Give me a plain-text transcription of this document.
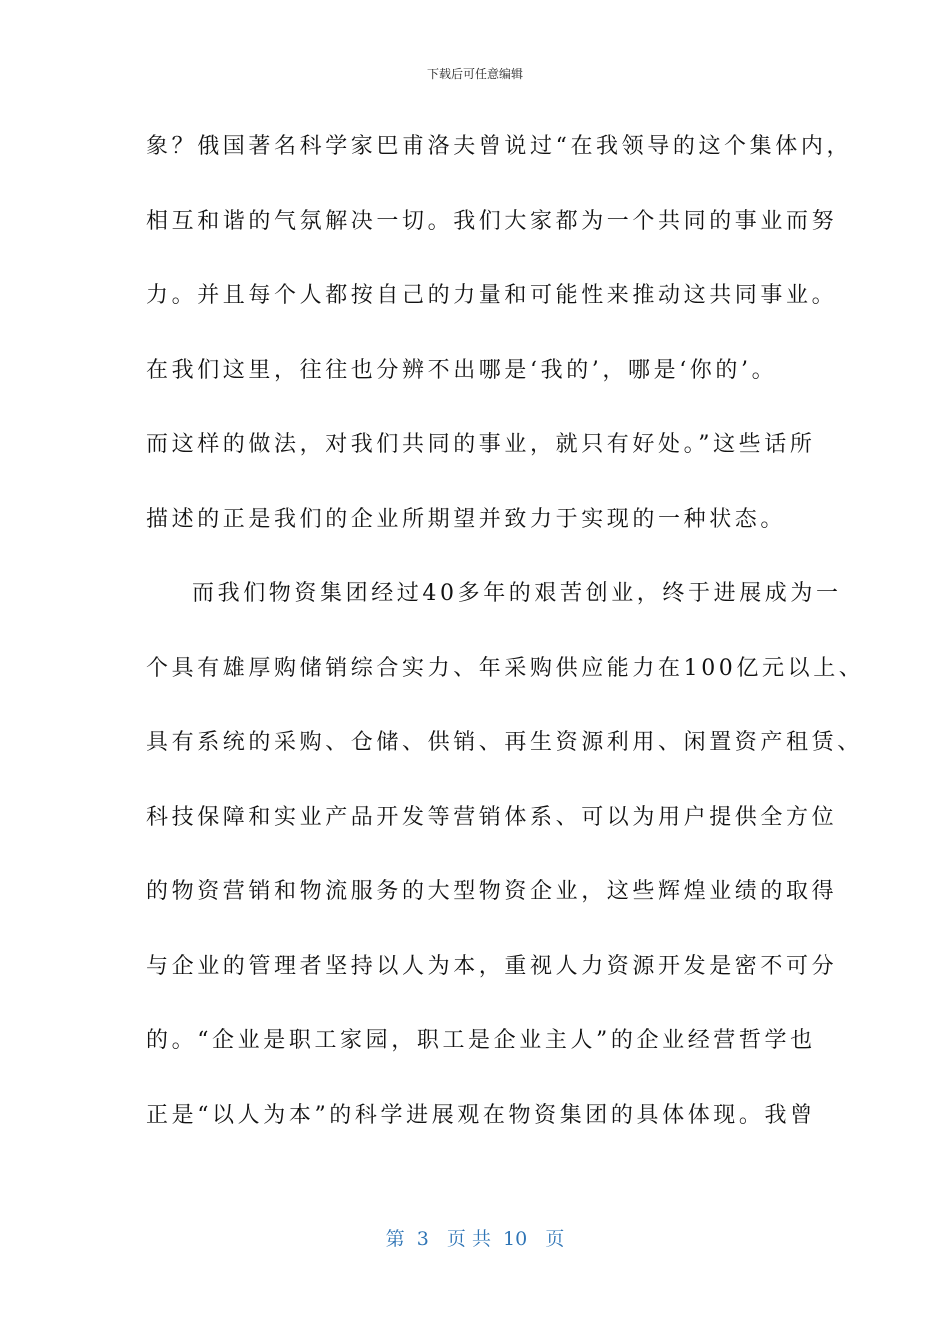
下载后可任意编辑
象？俄国著名科学家巴甫洛夫曾说过“在我领导的这个集体内，
相互和谐的气氛解决一切。我们大家都为一个共同的事业而努
力。并且每个人都按自己的力量和可能性来推动这共同事业。
在我们这里，往往也分辨不出哪是‘我的’，哪是‘你的’。
而这样的做法，对我们共同的事业，就只有好处。”这些话所
描述的正是我们的企业所期望并致力于实现的一种状态。
而我们物资集团经过40多年的艰苦创业，终于进展成为一
个具有雄厚购储销综合实力、年采购供应能力在100亿元以上、
具有系统的采购、仓储、供销、再生资源利用、闲置资产租赁、
科技保障和实业产品开发等营销体系、可以为用户提供全方位
的物资营销和物流服务的大型物资企业，这些辉煌业绩的取得
与企业的管理者坚持以人为本，重视人力资源开发是密不可分
的。“企业是职工家园，职工是企业主人”的企业经营哲学也
正是“以人为本”的科学进展观在物资集团的具体体现。我曾
第  3   页 共  10   页
